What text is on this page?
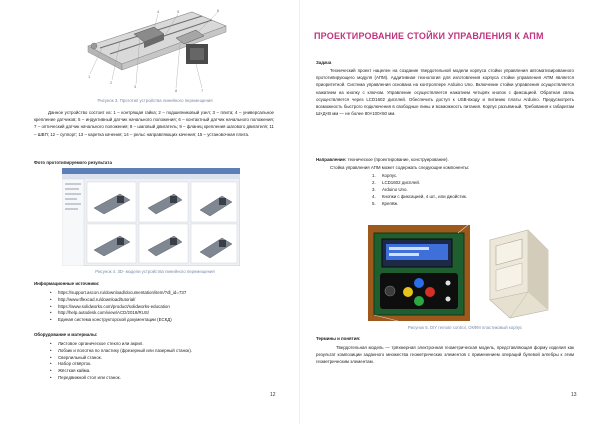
1
2
3
4	5	6
7
8
Рисунок 3. Прототип устройства линейного перемещения
Данное устройство состоит из: 1 – контрящая гайка; 2 – подшипниковый узел; 3 – плита; 4 – универсальное крепление датчиков; 5 – индуктивный датчик начального положения; 6 – контактный датчик начального положения; 7 – оптический датчик начального положения; 8 – шаговый двигатель; 9 – фланец крепления шагового двигателя; 11 – ШВП; 12 – суппорт; 13 – каретка качения; 14 – рельс направляющих качения; 15 – установочная плита.
Фото прототипируемого результата
Рисунок 4. 3D- модели устройства линейного перемещения
Информационные источники:
• https://support.ascon.ru/download/documentation/item/?dl_id=737
• http://www.tflexcad.ru/download/tutorial/
• https://www.solidworks.com/product/solidworks-education
• http://help.autodesk.com/view/ACD/2018/RUS/
• Единая система конструкторской документации (ЕСКД)
Оборудование и материалы:
• Листовое органическое стекло или акрил.
• Лобзик и полотна по пластику (фрезерный или лазерный станок).
• Сверлильный станок.
• Набор отвёрток.
• Жёсткая кайма.
• Передвижной стол или станок.
12
ПРОЕКТИРОВАНИЕ СТОЙКИ УПРАВЛЕНИЯ К АПМ
Задача
Технический проект нацелен на создание твердотельной модели корпуса стойки управления автоматизированного прототипирующего модуля (АПМ). Аддитивная технология для изготовления корпуса стойки управления АПМ является приоритетной. Система управления основана на контроллере Arduino Uno. Включение стойки управления осуществляется нажатием на кнопку с ключом. Управление осуществляется нажатием четырёх кнопок с фиксацией. Обратная связь осуществляется через LCD1602 дисплей. Обеспечить доступ к USB-входу и питанию платы Arduino. Предусмотреть возможность быстрого подключения в свободные пины и возможность питания. Корпус разъёмный. Требования к габаритам Ш×Д×В мм — не более 80×100×50 мм.
Направление: техническое (проектирование, конструирование).
Стойка управления АПМ может содержать следующие компоненты:
1. Корпус.
2. LCD1602 дисплей.
3. Arduino Uno.
4. Кнопки с фиксацией, 4 шт., или джойстик.
5. Крепёж.
Рисунок 5. DIY remote control, ОКФМ пластиковый корпус
Термины и понятия:
Твердотельная модель — трёхмерная электронная геометрическая модель, представляющая форму изделия как результат композиции заданного множества геометрических элементов с применением операций булевой алгебры к этим геометрическим элементам.
13
